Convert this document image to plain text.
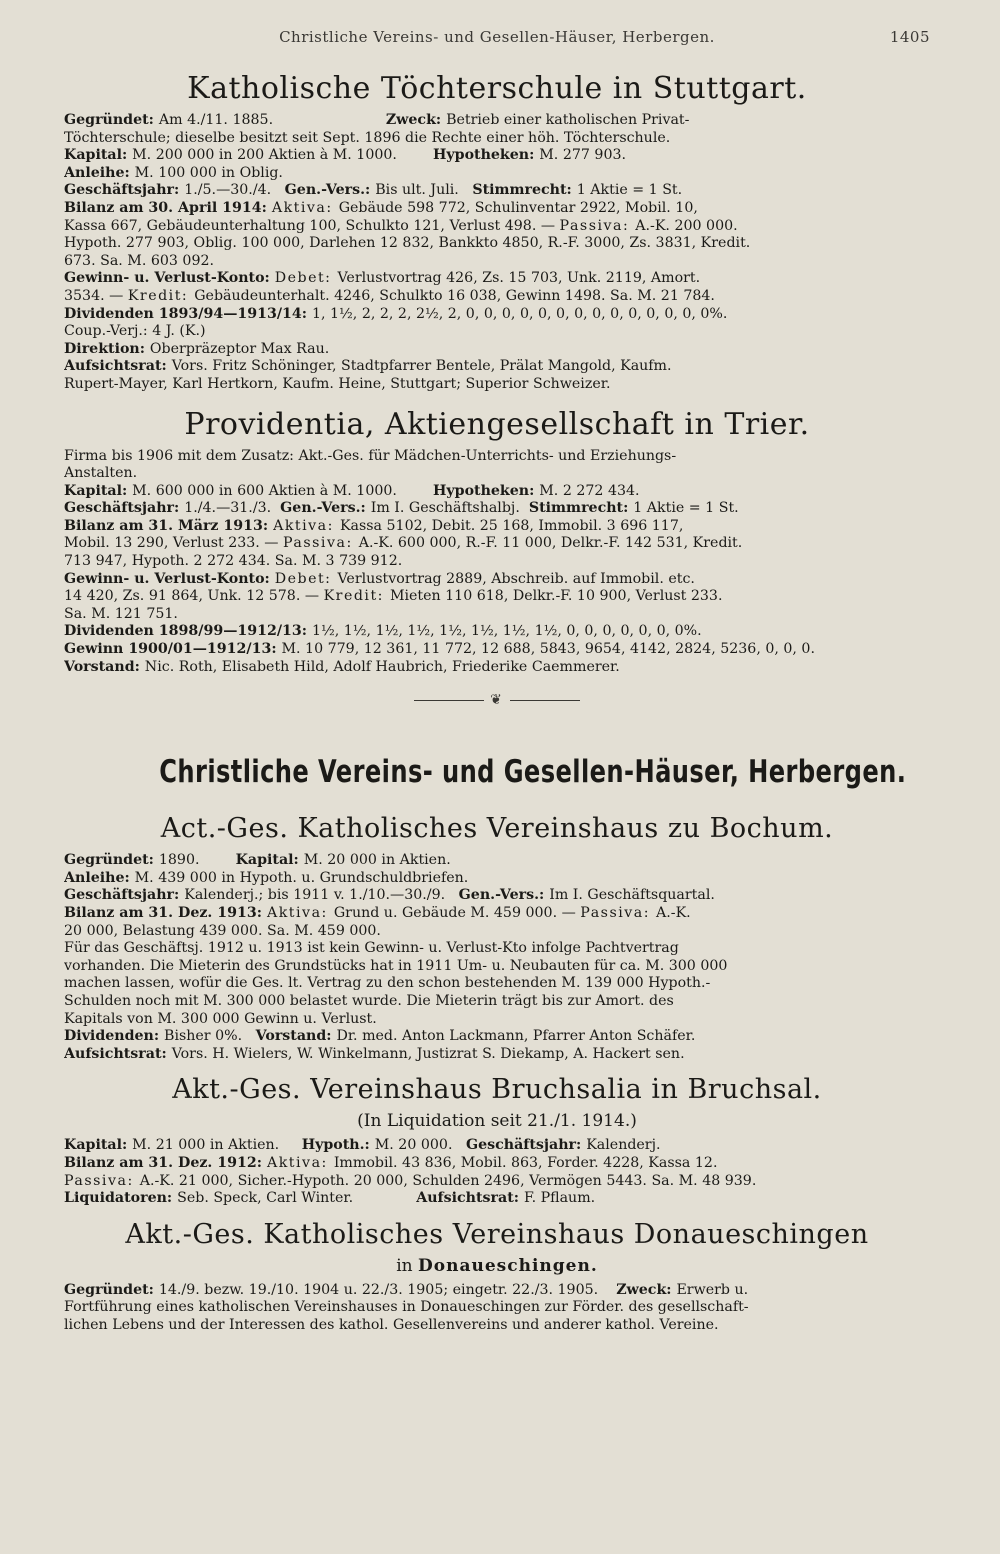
Christliche Vereins- und Gesellen-Häuser, Herbergen.	1405
Katholische Töchterschule in Stuttgart.
Gegründet: Am 4./11. 1885.                         Zweck: Betrieb einer katholischen Privat-
Töchterschule; dieselbe besitzt seit Sept. 1896 die Rechte einer höh. Töchterschule.
Kapital: M. 200 000 in 200 Aktien à M. 1000.        Hypotheken: M. 277 903.
Anleihe: M. 100 000 in Oblig.
Geschäftsjahr: 1./5.—30./4.   Gen.-Vers.: Bis ult. Juli.   Stimmrecht: 1 Aktie = 1 St.
Bilanz am 30. April 1914: Aktiva: Gebäude 598 772, Schulinventar 2922, Mobil. 10,
Kassa 667, Gebäudeunterhaltung 100, Schulkto 121, Verlust 498. — Passiva: A.-K. 200 000.
Hypoth. 277 903, Oblig. 100 000, Darlehen 12 832, Bankkto 4850, R.-F. 3000, Zs. 3831, Kredit.
673. Sa. M. 603 092.
Gewinn- u. Verlust-Konto: Debet: Verlustvortrag 426, Zs. 15 703, Unk. 2119, Amort.
3534. — Kredit: Gebäudeunterhalt. 4246, Schulkto 16 038, Gewinn 1498. Sa. M. 21 784.
Dividenden 1893/94—1913/14: 1, 1½, 2, 2, 2, 2½, 2, 0, 0, 0, 0, 0, 0, 0, 0, 0, 0, 0, 0, 0, 0%.
Coup.-Verj.: 4 J. (K.)
Direktion: Oberpräzeptor Max Rau.
Aufsichtsrat: Vors. Fritz Schöninger, Stadtpfarrer Bentele, Prälat Mangold, Kaufm.
Rupert-Mayer, Karl Hertkorn, Kaufm. Heine, Stuttgart; Superior Schweizer.
Providentia, Aktiengesellschaft in Trier.
Firma bis 1906 mit dem Zusatz: Akt.-Ges. für Mädchen-Unterrichts- und Erziehungs-
Anstalten.
Kapital: M. 600 000 in 600 Aktien à M. 1000.        Hypotheken: M. 2 272 434.
Geschäftsjahr: 1./4.—31./3.  Gen.-Vers.: Im I. Geschäftshalbj.  Stimmrecht: 1 Aktie = 1 St.
Bilanz am 31. März 1913: Aktiva: Kassa 5102, Debit. 25 168, Immobil. 3 696 117,
Mobil. 13 290, Verlust 233. — Passiva: A.-K. 600 000, R.-F. 11 000, Delkr.-F. 142 531, Kredit.
713 947, Hypoth. 2 272 434. Sa. M. 3 739 912.
Gewinn- u. Verlust-Konto: Debet: Verlustvortrag 2889, Abschreib. auf Immobil. etc.
14 420, Zs. 91 864, Unk. 12 578. — Kredit: Mieten 110 618, Delkr.-F. 10 900, Verlust 233.
Sa. M. 121 751.
Dividenden 1898/99—1912/13: 1½, 1½, 1½, 1½, 1½, 1½, 1½, 1½, 0, 0, 0, 0, 0, 0, 0%.
Gewinn 1900/01—1912/13: M. 10 779, 12 361, 11 772, 12 688, 5843, 9654, 4142, 2824, 5236, 0, 0, 0.
Vorstand: Nic. Roth, Elisabeth Hild, Adolf Haubrich, Friederike Caemmerer.
❦
Christliche Vereins- und Gesellen-Häuser, Herbergen.
Act.-Ges. Katholisches Vereinshaus zu Bochum.
Gegründet: 1890.        Kapital: M. 20 000 in Aktien.
Anleihe: M. 439 000 in Hypoth. u. Grundschuldbriefen.
Geschäftsjahr: Kalenderj.; bis 1911 v. 1./10.—30./9.   Gen.-Vers.: Im I. Geschäftsquartal.
Bilanz am 31. Dez. 1913: Aktiva: Grund u. Gebäude M. 459 000. — Passiva: A.-K.
20 000, Belastung 439 000. Sa. M. 459 000.
Für das Geschäftsj. 1912 u. 1913 ist kein Gewinn- u. Verlust-Kto infolge Pachtvertrag
vorhanden. Die Mieterin des Grundstücks hat in 1911 Um- u. Neubauten für ca. M. 300 000
machen lassen, wofür die Ges. lt. Vertrag zu den schon bestehenden M. 139 000 Hypoth.-
Schulden noch mit M. 300 000 belastet wurde. Die Mieterin trägt bis zur Amort. des
Kapitals von M. 300 000 Gewinn u. Verlust.
Dividenden: Bisher 0%.   Vorstand: Dr. med. Anton Lackmann, Pfarrer Anton Schäfer.
Aufsichtsrat: Vors. H. Wielers, W. Winkelmann, Justizrat S. Diekamp, A. Hackert sen.
Akt.-Ges. Vereinshaus Bruchsalia in Bruchsal.
(In Liquidation seit 21./1. 1914.)
Kapital: M. 21 000 in Aktien.     Hypoth.: M. 20 000.   Geschäftsjahr: Kalenderj.
Bilanz am 31. Dez. 1912: Aktiva: Immobil. 43 836, Mobil. 863, Forder. 4228, Kassa 12.
Passiva: A.-K. 21 000, Sicher.-Hypoth. 20 000, Schulden 2496, Vermögen 5443. Sa. M. 48 939.
Liquidatoren: Seb. Speck, Carl Winter.              Aufsichtsrat: F. Pflaum.
Akt.-Ges. Katholisches Vereinshaus Donaueschingen
in Donaueschingen.
Gegründet: 14./9. bezw. 19./10. 1904 u. 22./3. 1905; eingetr. 22./3. 1905.    Zweck: Erwerb u.
Fortführung eines katholischen Vereinshauses in Donaueschingen zur Förder. des gesellschaft-
lichen Lebens und der Interessen des kathol. Gesellenvereins und anderer kathol. Vereine.
